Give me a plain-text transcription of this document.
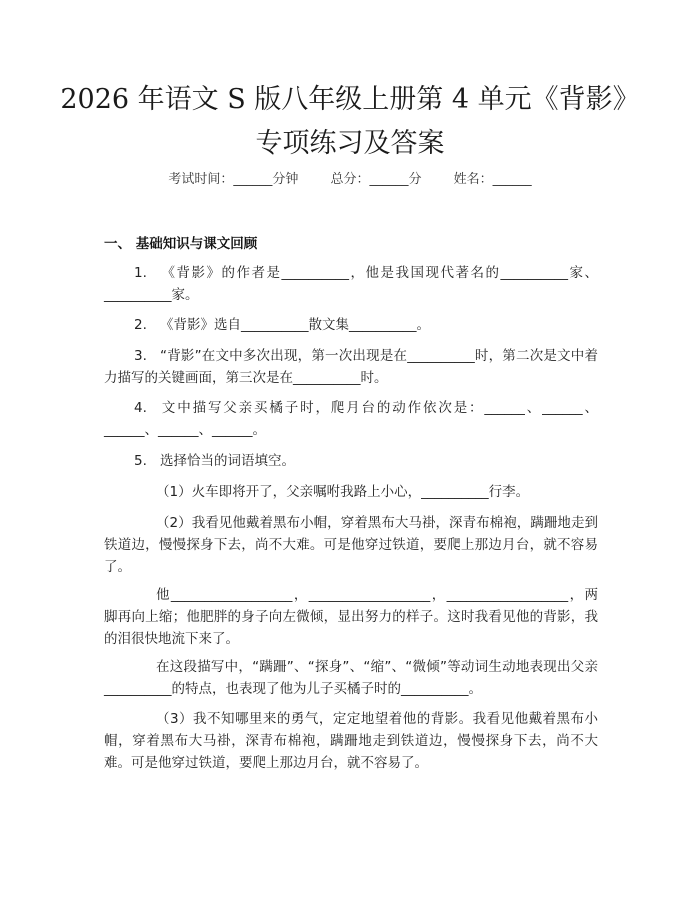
2026 年语文 S 版八年级上册第 4 单元《背影》专项练习及答案
考试时间：______分钟 总分：______分 姓名：______
一、 基础知识与课文回顾
1. 《背影》的作者是__________，他是我国现代著名的__________家、__________家。
2. 《背影》选自__________散文集__________。
3. “背影”在文中多次出现，第一次出现是在__________时，第二次是文中着力描写的关键画面，第三次是在__________时。
4. 文中描写父亲买橘子时，爬月台的动作依次是：______、______、______、______、______。
5. 选择恰当的词语填空。
（1）火车即将开了，父亲嘱咐我路上小心，__________行李。
（2）我看见他戴着黑布小帽，穿着黑布大马褂，深青布棉袍，蹒跚地走到铁道边，慢慢探身下去，尚不大难。可是他穿过铁道，要爬上那边月台，就不容易了。
他__________________，__________________，__________________，两脚再向上缩；他肥胖的身子向左微倾，显出努力的样子。这时我看见他的背影，我的泪很快地流下来了。
在这段描写中，“蹒跚”、“探身”、“缩”、“微倾”等动词生动地表现出父亲__________的特点，也表现了他为儿子买橘子时的__________。
（3）我不知哪里来的勇气，定定地望着他的背影。我看见他戴着黑布小帽，穿着黑布大马褂，深青布棉袍，蹒跚地走到铁道边，慢慢探身下去，尚不大难。可是他穿过铁道，要爬上那边月台，就不容易了。
